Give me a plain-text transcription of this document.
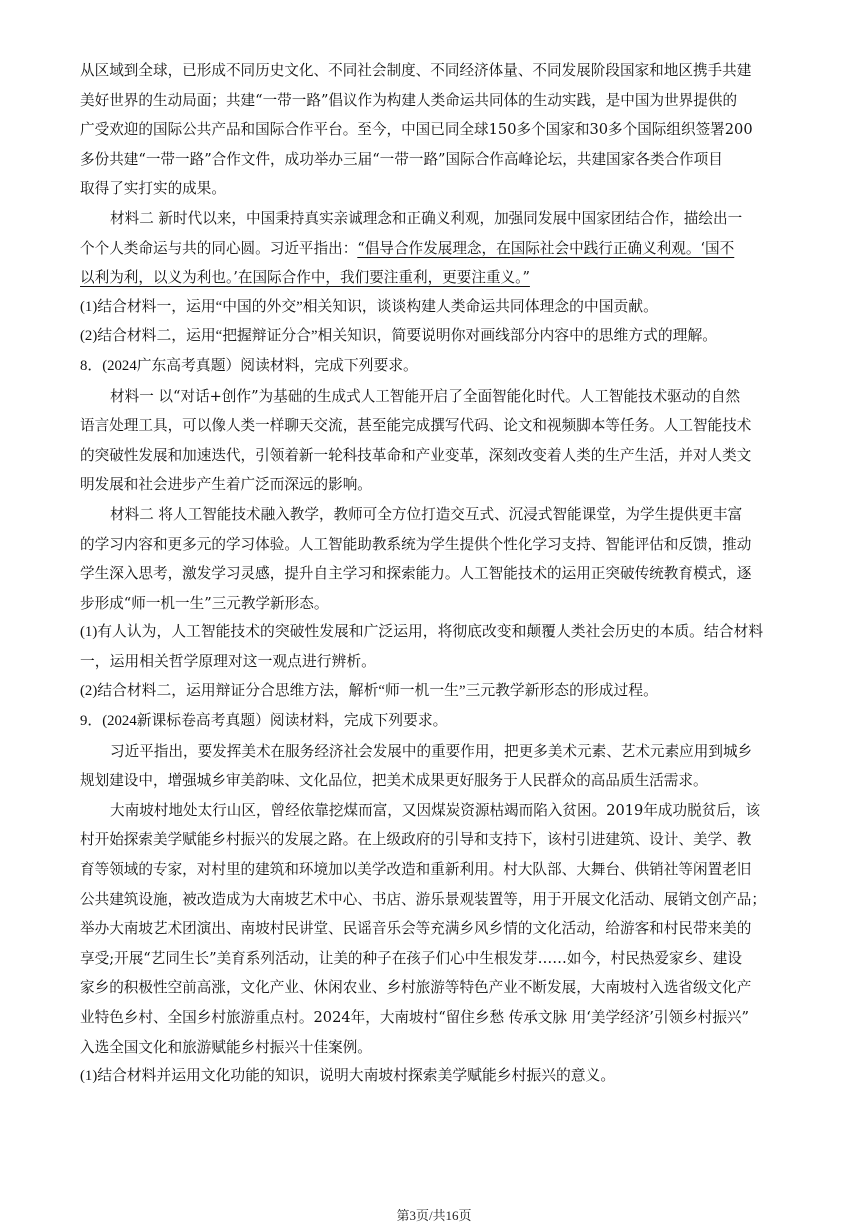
从区域到全球，已形成不同历史文化、不同社会制度、不同经济体量、不同发展阶段国家和地区携手共建
美好世界的生动局面；共建“一带一路”倡议作为构建人类命运共同体的生动实践，是中国为世界提供的
广受欢迎的国际公共产品和国际合作平台。至今，中国已同全球150多个国家和30多个国际组织签署200
多份共建“一带一路”合作文件，成功举办三届“一带一路”国际合作高峰论坛，共建国家各类合作项目
取得了实打实的成果。
材料二 新时代以来，中国秉持真实亲诚理念和正确义利观，加强同发展中国家团结合作，描绘出一
个个人类命运与共的同心圆。习近平指出：“倡导合作发展理念，在国际社会中践行正确义利观。‘国不
以利为利，以义为利也。’在国际合作中，我们要注重利，更要注重义。”
(1)结合材料一，运用“中国的外交”相关知识，谈谈构建人类命运共同体理念的中国贡献。
(2)结合材料二，运用“把握辩证分合”相关知识，简要说明你对画线部分内容中的思维方式的理解。
8．(2024广东高考真题）阅读材料，完成下列要求。
材料一 以“对话+创作”为基础的生成式人工智能开启了全面智能化时代。人工智能技术驱动的自然
语言处理工具，可以像人类一样聊天交流，甚至能完成撰写代码、论文和视频脚本等任务。人工智能技术
的突破性发展和加速迭代，引领着新一轮科技革命和产业变革，深刻改变着人类的生产生活，并对人类文
明发展和社会进步产生着广泛而深远的影响。
材料二 将人工智能技术融入教学，教师可全方位打造交互式、沉浸式智能课堂，为学生提供更丰富
的学习内容和更多元的学习体验。人工智能助教系统为学生提供个性化学习支持、智能评估和反馈，推动
学生深入思考，激发学习灵感，提升自主学习和探索能力。人工智能技术的运用正突破传统教育模式，逐
步形成“师一机一生”三元教学新形态。
(1)有人认为，人工智能技术的突破性发展和广泛运用，将彻底改变和颠覆人类社会历史的本质。结合材料
一，运用相关哲学原理对这一观点进行辨析。
(2)结合材料二，运用辩证分合思维方法，解析“师一机一生”三元教学新形态的形成过程。
9．(2024新课标卷高考真题）阅读材料，完成下列要求。
习近平指出，要发挥美术在服务经济社会发展中的重要作用，把更多美术元素、艺术元素应用到城乡
规划建设中，增强城乡审美韵味、文化品位，把美术成果更好服务于人民群众的高品质生活需求。
大南坡村地处太行山区，曾经依靠挖煤而富，又因煤炭资源枯竭而陷入贫困。2019年成功脱贫后，该
村开始探索美学赋能乡村振兴的发展之路。在上级政府的引导和支持下，该村引进建筑、设计、美学、教
育等领域的专家，对村里的建筑和环境加以美学改造和重新利用。村大队部、大舞台、供销社等闲置老旧
公共建筑设施，被改造成为大南坡艺术中心、书店、游乐景观装置等，用于开展文化活动、展销文创产品；
举办大南坡艺术团演出、南坡村民讲堂、民谣音乐会等充满乡风乡情的文化活动，给游客和村民带来美的
享受;开展“艺同生长”美育系列活动，让美的种子在孩子们心中生根发芽……如今，村民热爱家乡、建设
家乡的积极性空前高涨，文化产业、休闲农业、乡村旅游等特色产业不断发展，大南坡村入选省级文化产
业特色乡村、全国乡村旅游重点村。2024年，大南坡村“留住乡愁 传承文脉 用‘美学经济’引领乡村振兴”
入选全国文化和旅游赋能乡村振兴十佳案例。
(1)结合材料并运用文化功能的知识，说明大南坡村探索美学赋能乡村振兴的意义。
第3页/共16页
